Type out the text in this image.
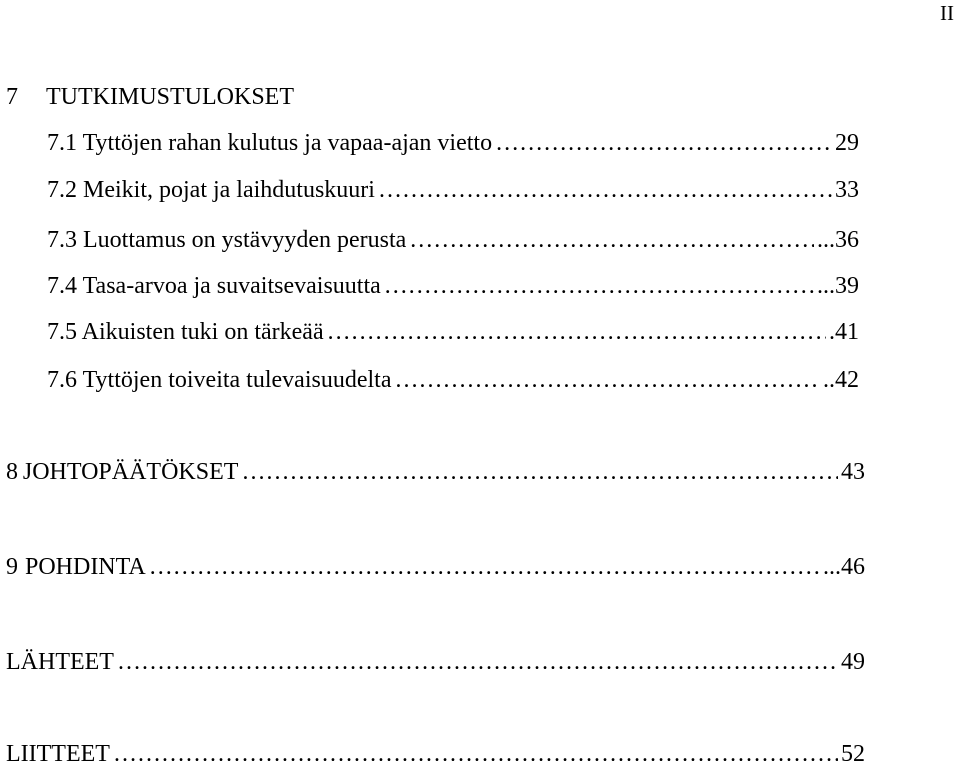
II
7	TUTKIMUSTULOKSET
7.1 Tyttöjen rahan kulutus ja vapaa-ajan vietto ……………………………………………………………………………………………………………………………………………………………	29
7.2 Meikit, pojat ja laihdutuskuuri ……………………………………………………………………………………………………………………………………………………………	33
7.3 Luottamus on ystävyyden perusta ……………………………………………………………………………………………………………………………………………………………	...36
7.4 Tasa-arvoa ja suvaitsevaisuutta ……………………………………………………………………………………………………………………………………………………………	...39
7.5 Aikuisten tuki on tärkeää ……………………………………………………………………………………………………………………………………………………………	.41
7.6 Tyttöjen toiveita tulevaisuudelta ……………………………………………………………………………………………………………………………………………………………	..42
8 JOHTOPÄÄTÖKSET ……………………………………………………………………………………………………………………………………………………………	43
9 POHDINTA ……………………………………………………………………………………………………………………………………………………………	...46
LÄHTEET ……………………………………………………………………………………………………………………………………………………………	49
LIITTEET ……………………………………………………………………………………………………………………………………………………………	52
